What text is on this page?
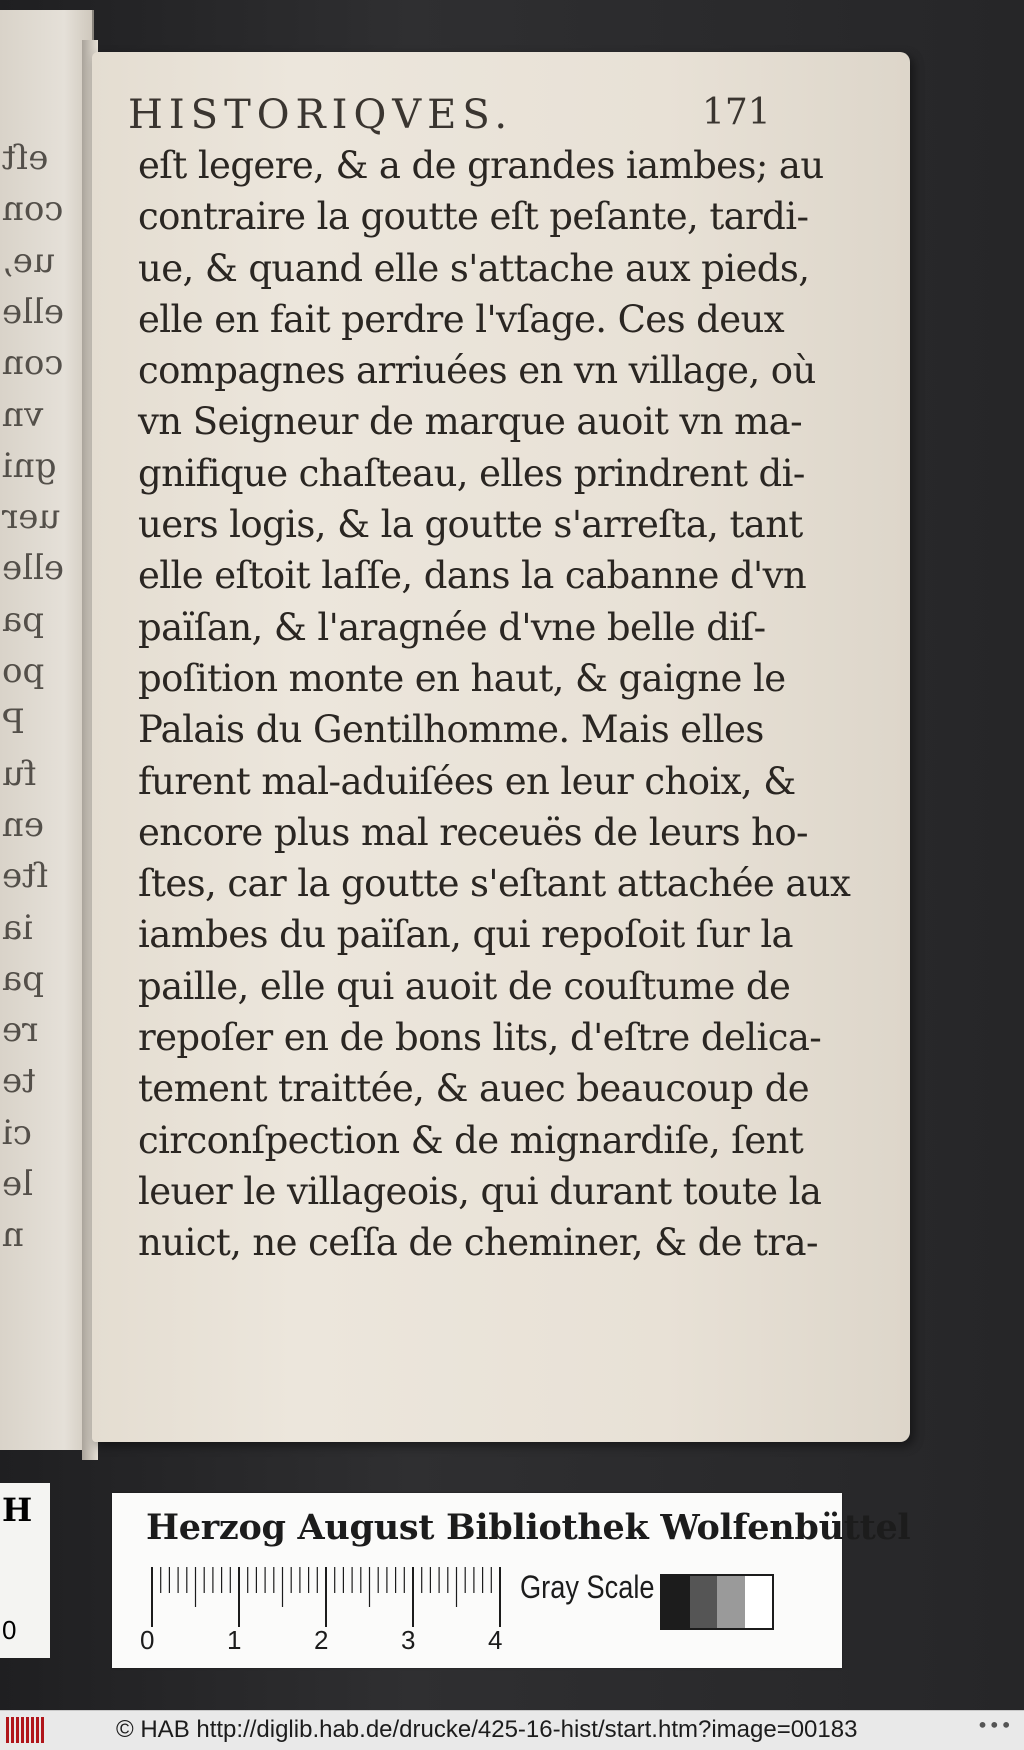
eſt
con
ue,
elle
con
vn
gni
uer
elle
pa
po
P
fu
en
ſte
ia
pa
re
te
ci
le
n
HISTORIQVES.	171
eſt legere, & a de grandes iambes; au
contraire la goutte eſt peſante, tardi-
ue, & quand elle s'attache aux pieds,
elle en fait perdre l'vſage. Ces deux
compagnes arriuées en vn village, où
vn Seigneur de marque auoit vn ma-
gnifique chaſteau, elles prindrent di-
uers logis, & la goutte s'arreſta, tant
elle eſtoit laſſe, dans la cabanne d'vn
païſan, & l'aragnée d'vne belle diſ-
poſition monte en haut, & gaigne le
Palais du Gentilhomme. Mais elles
furent mal-aduiſées en leur choix, &
encore plus mal receuës de leurs ho-
ſtes, car la goutte s'eſtant attachée aux
iambes du païſan, qui repoſoit ſur la
paille, elle qui auoit de couſtume de
repoſer en de bons lits, d'eſtre delica-
tement traittée, & auec beaucoup de
circonſpection & de mignardiſe, ſent
leuer le villageois, qui durant toute la
nuict, ne ceſſa de cheminer, & de tra-
H
0
Herzog August Bibliothek Wolfenbüttel
0	1	2	3	4
Gray Scale
© HAB http://diglib.hab.de/drucke/425-16-hist/start.htm?image=00183	•••
